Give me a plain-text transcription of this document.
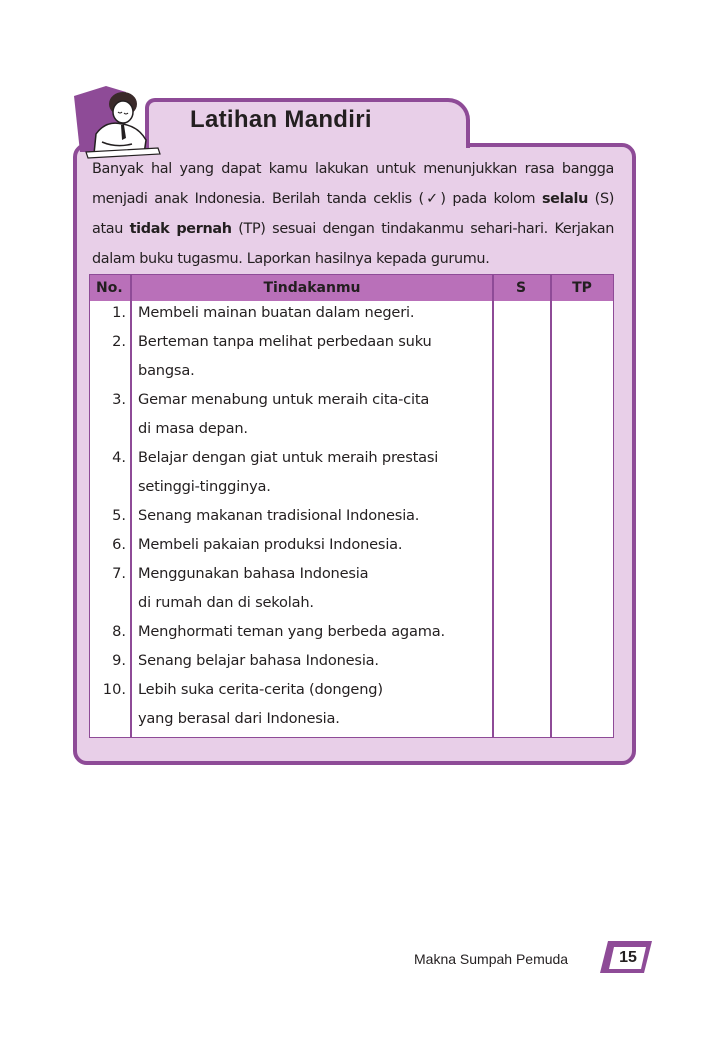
Latihan Mandiri
Banyak hal yang dapat kamu lakukan untuk menunjukkan rasa bangga menjadi anak Indonesia. Berilah tanda ceklis (✓) pada kolom selalu (S) atau tidak pernah (TP) sesuai dengan tindakanmu sehari-hari. Kerjakan dalam buku tugasmu. Laporkan hasilnya kepada gurumu.
No.	Tindakanmu	S	TP
1. Membeli mainan buatan dalam negeri.
2. Berteman tanpa melihat perbedaan suku
bangsa.
3. Gemar menabung untuk meraih cita-cita
di masa depan.
4. Belajar dengan giat untuk meraih prestasi
setinggi-tingginya.
5. Senang makanan tradisional Indonesia.
6. Membeli pakaian produksi Indonesia.
7. Menggunakan bahasa Indonesia
di rumah dan di sekolah.
8. Menghormati teman yang berbeda agama.
9. Senang belajar bahasa Indonesia.
10. Lebih suka cerita-cerita (dongeng)
yang berasal dari Indonesia.
Makna Sumpah Pemuda	15
